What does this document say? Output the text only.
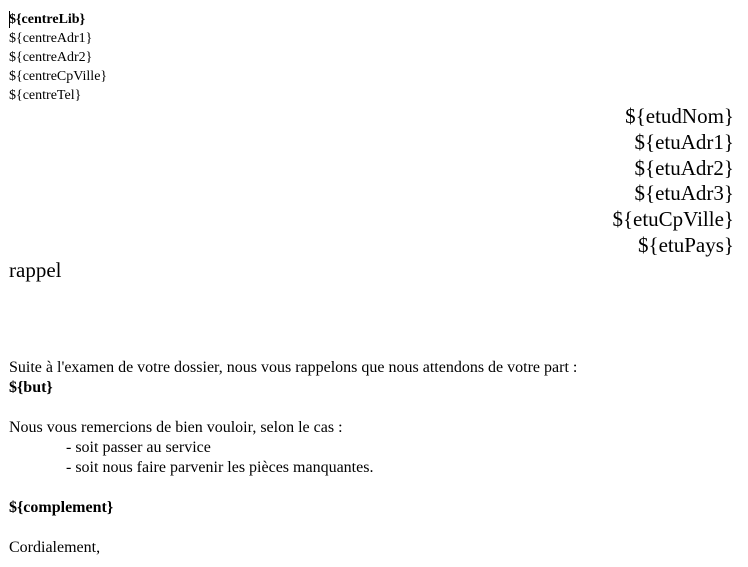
${centreLib}
${centreAdr1}
${centreAdr2}
${centreCpVille}
${centreTel}
${etudNom}
${etuAdr1}
${etuAdr2}
${etuAdr3}
${etuCpVille}
${etuPays}
rappel

Suite à l'examen de votre dossier, nous vous rappelons que nous attendons de votre part :

${but}

Nous vous remercions de bien vouloir, selon le cas :

- soit passer au service

- soit nous faire parvenir les pièces manquantes.

${complement}

Cordialement,
